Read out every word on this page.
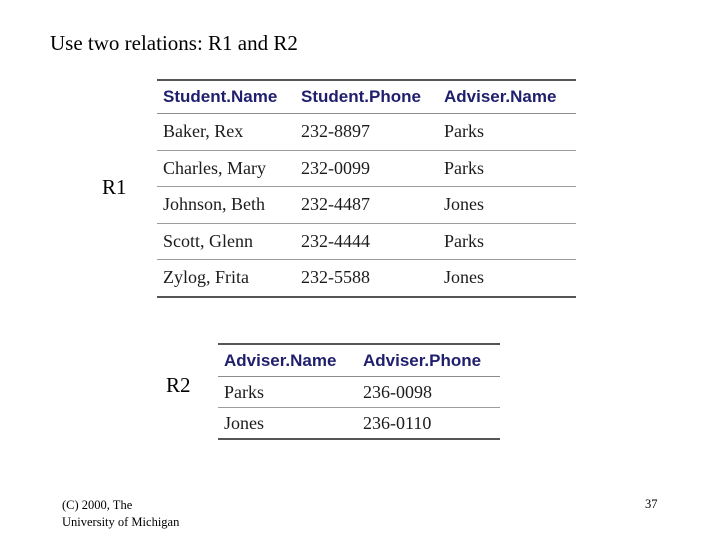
Use two relations: R1 and R2
R1
Student.Name	Student.Phone	Adviser.Name
Baker, Rex	232-8897	Parks
Charles, Mary	232-0099	Parks
Johnson, Beth	232-4487	Jones
Scott, Glenn	232-4444	Parks
Zylog, Frita	232-5588	Jones
R2
Adviser.Name	Adviser.Phone
Parks	236-0098
Jones	236-0110
(C) 2000, The
University of Michigan
37
